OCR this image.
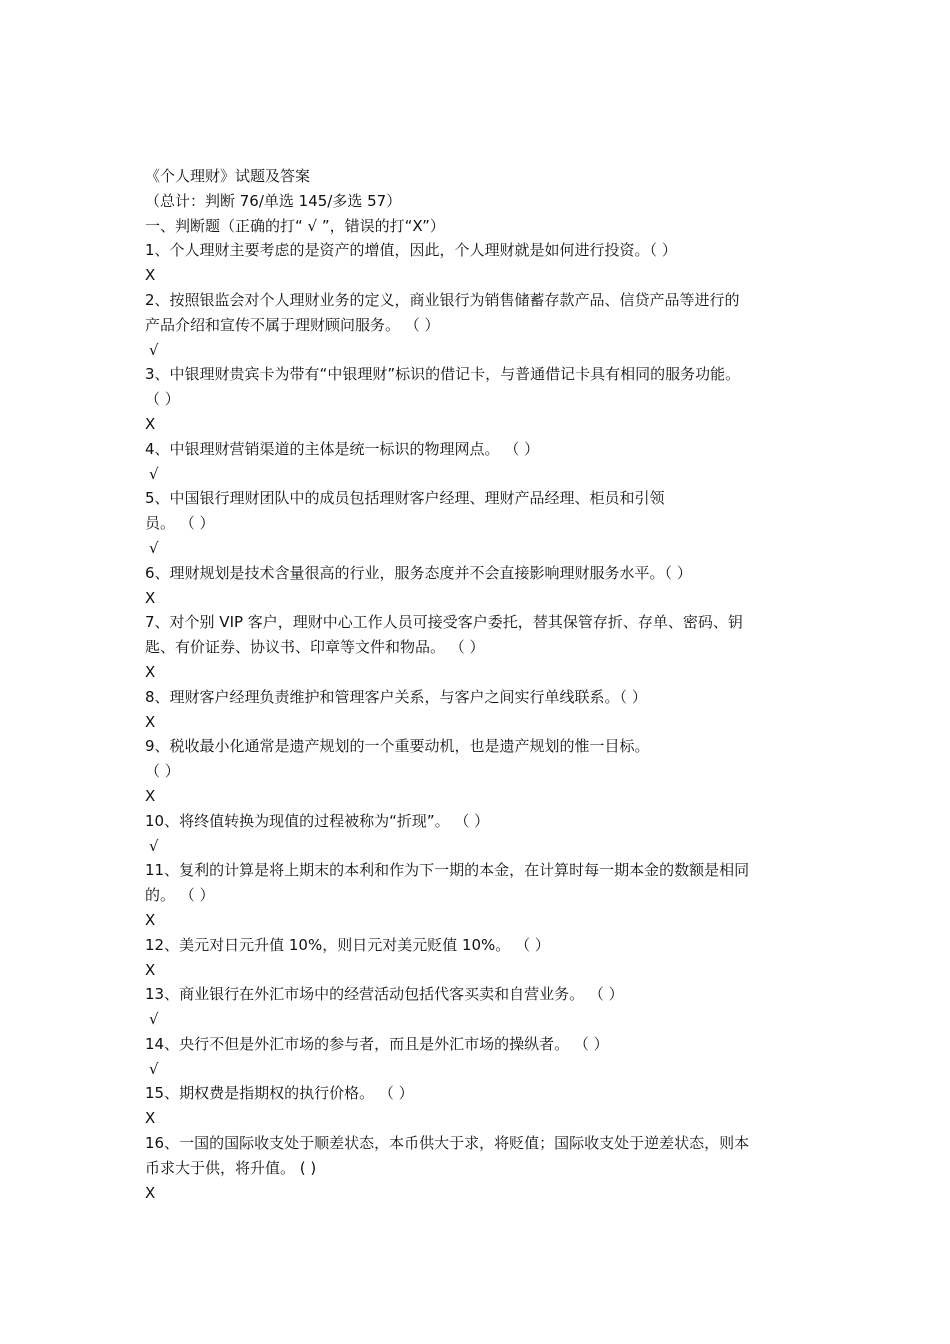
《个人理财》试题及答案
（总计：判断 76/单选 145/多选 57）
一、判断题（正确的打“ √ ”，错误的打“X”）
1、个人理财主要考虑的是资产的增值，因此，个人理财就是如何进行投资。（ ）
X
2、按照银监会对个人理财业务的定义，商业银行为销售储蓄存款产品、信贷产品等进行的
产品介绍和宣传不属于理财顾问服务。 （ ）
√
3、中银理财贵宾卡为带有“中银理财”标识的借记卡，与普通借记卡具有相同的服务功能。
（ ）
X
4、中银理财营销渠道的主体是统一标识的物理网点。 （ ）
√
5、中国银行理财团队中的成员包括理财客户经理、理财产品经理、柜员和引领
员。 （ ）
√
6、理财规划是技术含量很高的行业，服务态度并不会直接影响理财服务水平。（ ）
X
7、对个别 VIP 客户，理财中心工作人员可接受客户委托，替其保管存折、存单、密码、钥
匙、有价证券、协议书、印章等文件和物品。 （ ）
X
8、理财客户经理负责维护和管理客户关系，与客户之间实行单线联系。（ ）
X
9、税收最小化通常是遗产规划的一个重要动机，也是遗产规划的惟一目标。
（ ）
X
10、将终值转换为现值的过程被称为“折现”。 （ ）
√
11、复利的计算是将上期末的本利和作为下一期的本金，在计算时每一期本金的数额是相同
的。 （ ）
X
12、美元对日元升值 10%，则日元对美元贬值 10%。 （ ）
X
13、商业银行在外汇市场中的经营活动包括代客买卖和自营业务。 （ ）
√
14、央行不但是外汇市场的参与者，而且是外汇市场的操纵者。 （ ）
√
15、期权费是指期权的执行价格。 （ ）
X
16、一国的国际收支处于顺差状态，本币供大于求，将贬值；国际收支处于逆差状态，则本
币求大于供，将升值。 ( )
X
